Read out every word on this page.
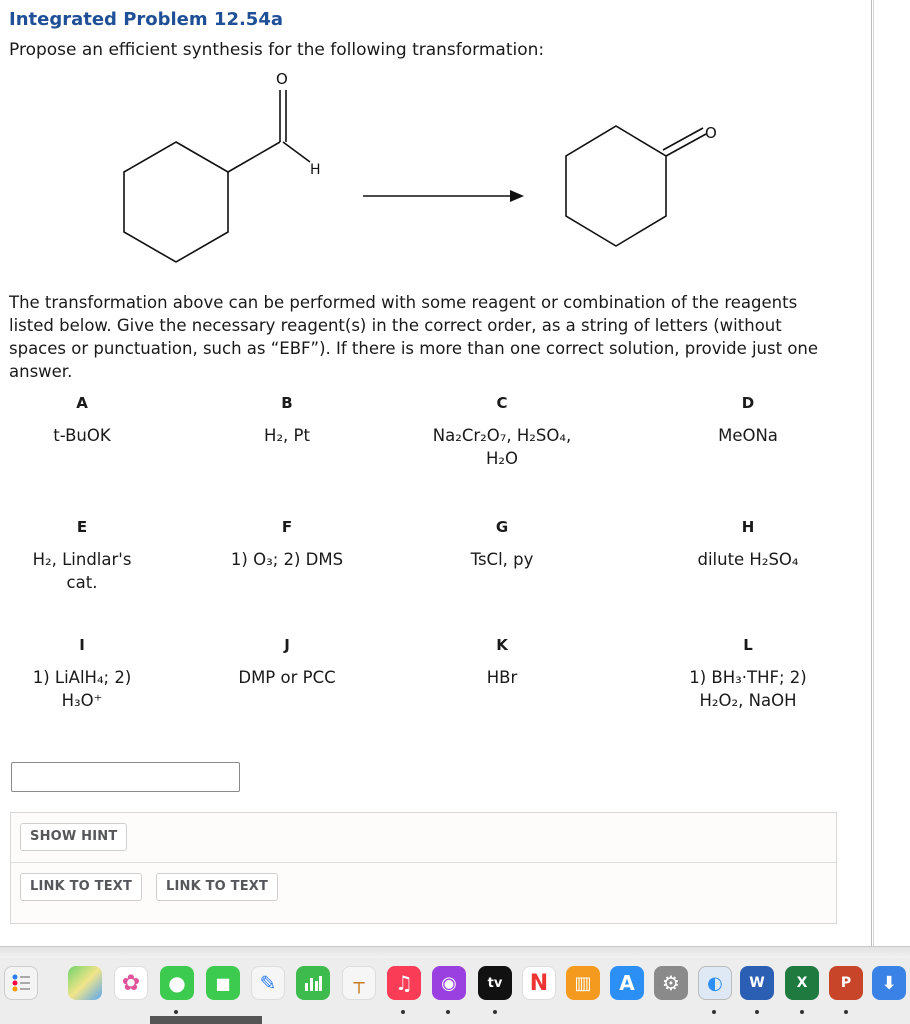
Integrated Problem 12.54a
Propose an efficient synthesis for the following transformation:
O
H
O
The transformation above can be performed with some reagent or combination of the reagents listed below. Give the necessary reagent(s) in the correct order, as a string of letters (without spaces or punctuation, such as “EBF”). If there is more than one correct solution, provide just one answer.
A
t-BuOK
B
H₂, Pt
C
Na₂Cr₂O₇, H₂SO₄, H₂O
D
MeONa
E
H₂, Lindlar's cat.
F
1) O₃; 2) DMS
G
TsCl, py
H
dilute H₂SO₄
I
1) LiAlH₄; 2) H₃O⁺
J
DMP or PCC
K
HBr
L
1) BH₃·THF; 2) H₂O₂, NaOH
SHOW HINT
LINK TO TEXT	LINK TO TEXT
✿	●	■	✎	┬	♫	◉	tv	N	▥	A	⚙	◐	W X P	⬇
